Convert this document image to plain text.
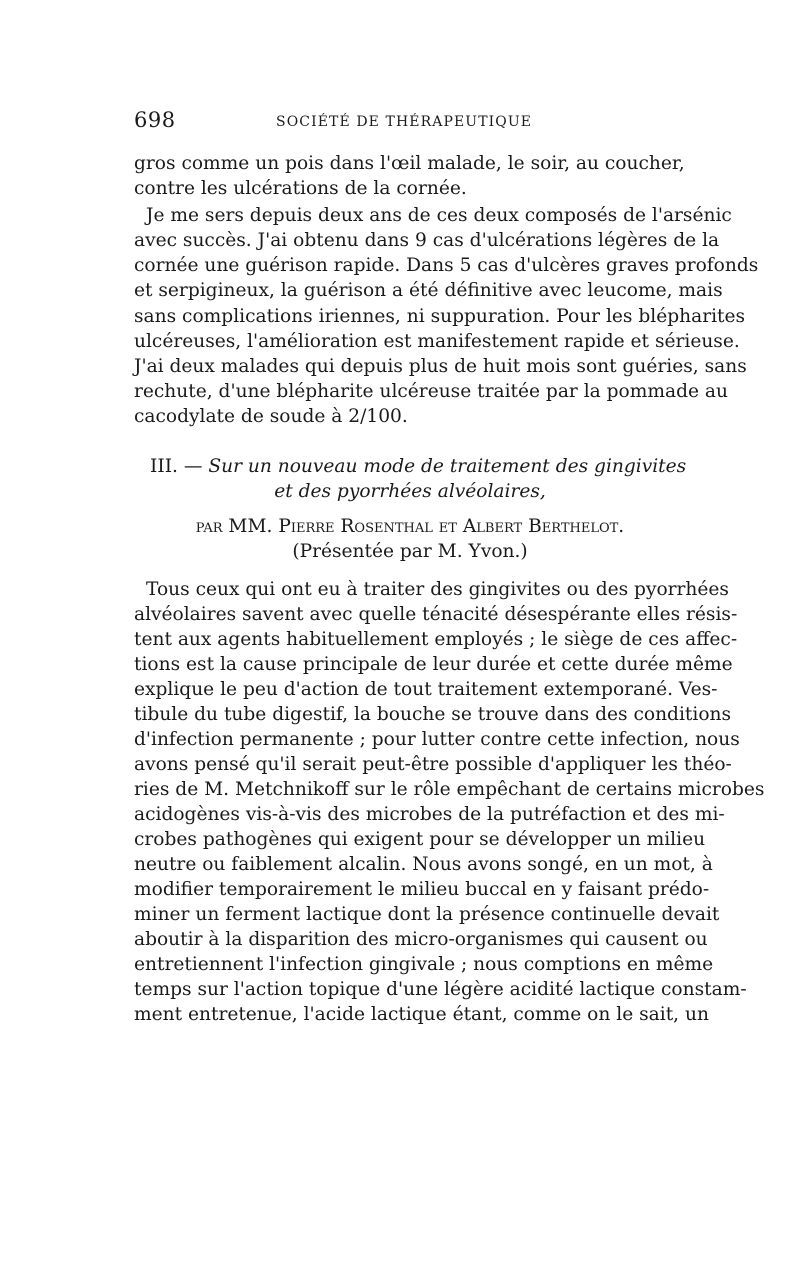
698	SOCIÉTÉ DE THÉRAPEUTIQUE
gros comme un pois dans l'œil malade, le soir, au coucher,
contre les ulcérations de la cornée.
Je me sers depuis deux ans de ces deux composés de l'arsénic
avec succès. J'ai obtenu dans 9 cas d'ulcérations légères de la
cornée une guérison rapide. Dans 5 cas d'ulcères graves profonds
et serpigineux, la guérison a été définitive avec leucome, mais
sans complications iriennes, ni suppuration. Pour les blépharites
ulcéreuses, l'amélioration est manifestement rapide et sérieuse.
J'ai deux malades qui depuis plus de huit mois sont guéries, sans
rechute, d'une blépharite ulcéreuse traitée par la pommade au
cacodylate de soude à 2/100.
III. — Sur un nouveau mode de traitement des gingivites
et des pyorrhées alvéolaires,
par MM. Pierre Rosenthal et Albert Berthelot.
(Présentée par M. Yvon.)
Tous ceux qui ont eu à traiter des gingivites ou des pyorrhées
alvéolaires savent avec quelle ténacité désespérante elles résis-
tent aux agents habituellement employés ; le siège de ces affec-
tions est la cause principale de leur durée et cette durée même
explique le peu d'action de tout traitement extemporané. Ves-
tibule du tube digestif, la bouche se trouve dans des conditions
d'infection permanente ; pour lutter contre cette infection, nous
avons pensé qu'il serait peut-être possible d'appliquer les théo-
ries de M. Metchnikoff sur le rôle empêchant de certains microbes
acidogènes vis-à-vis des microbes de la putréfaction et des mi-
crobes pathogènes qui exigent pour se développer un milieu
neutre ou faiblement alcalin. Nous avons songé, en un mot, à
modifier temporairement le milieu buccal en y faisant prédo-
miner un ferment lactique dont la présence continuelle devait
aboutir à la disparition des micro-organismes qui causent ou
entretiennent l'infection gingivale ; nous comptions en même
temps sur l'action topique d'une légère acidité lactique constam-
ment entretenue, l'acide lactique étant, comme on le sait, un
